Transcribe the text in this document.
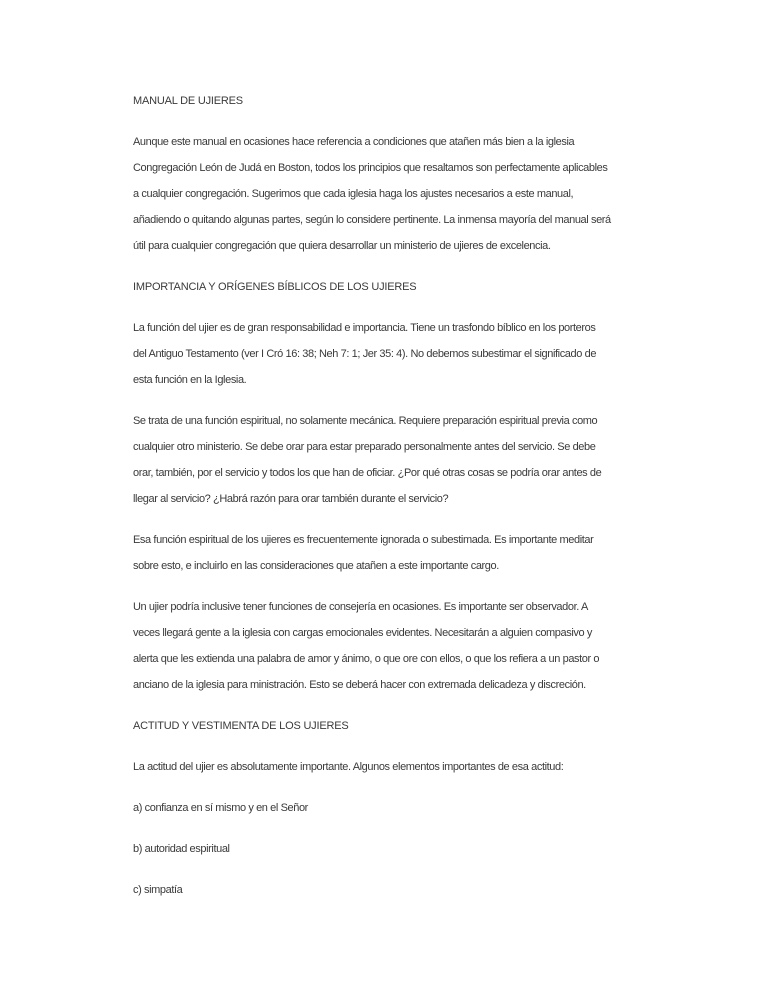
MANUAL DE UJIERES
Aunque este manual en ocasiones hace referencia a condiciones que atañen más bien a la iglesia
Congregación León de Judá en Boston, todos los principios que resaltamos son perfectamente aplicables
a cualquier congregación. Sugerimos que cada iglesia haga los ajustes necesarios a este manual,
añadiendo o quitando algunas partes, según lo considere pertinente. La inmensa mayoría del manual será
útil para cualquier congregación que quiera desarrollar un ministerio de ujieres de excelencia.
IMPORTANCIA Y ORÍGENES BÍBLICOS DE LOS UJIERES
La función del ujier es de gran responsabilidad e importancia. Tiene un trasfondo bíblico en los porteros
del Antiguo Testamento (ver I Cró 16: 38; Neh 7: 1; Jer 35: 4). No debemos subestimar el significado de
esta función en la Iglesia.
Se trata de una función espiritual, no solamente mecánica. Requiere preparación espiritual previa como
cualquier otro ministerio. Se debe orar para estar preparado personalmente antes del servicio. Se debe
orar, también, por el servicio y todos los que han de oficiar. ¿Por qué otras cosas se podría orar antes de
llegar al servicio? ¿Habrá razón para orar también durante el servicio?
Esa función espiritual de los ujieres es frecuentemente ignorada o subestimada. Es importante meditar
sobre esto, e incluirlo en las consideraciones que atañen a este importante cargo.
Un ujier podría inclusive tener funciones de consejería en ocasiones. Es importante ser observador. A
veces llegará gente a la iglesia con cargas emocionales evidentes. Necesitarán a alguien compasivo y
alerta que les extienda una palabra de amor y ánimo, o que ore con ellos, o que los refiera a un pastor o
anciano de la iglesia para ministración. Esto se deberá hacer con extremada delicadeza y discreción.
ACTITUD Y VESTIMENTA DE LOS UJIERES
La actitud del ujier es absolutamente importante. Algunos elementos importantes de esa actitud:
a) confianza en sí mismo y en el Señor
b) autoridad espiritual
c) simpatía
